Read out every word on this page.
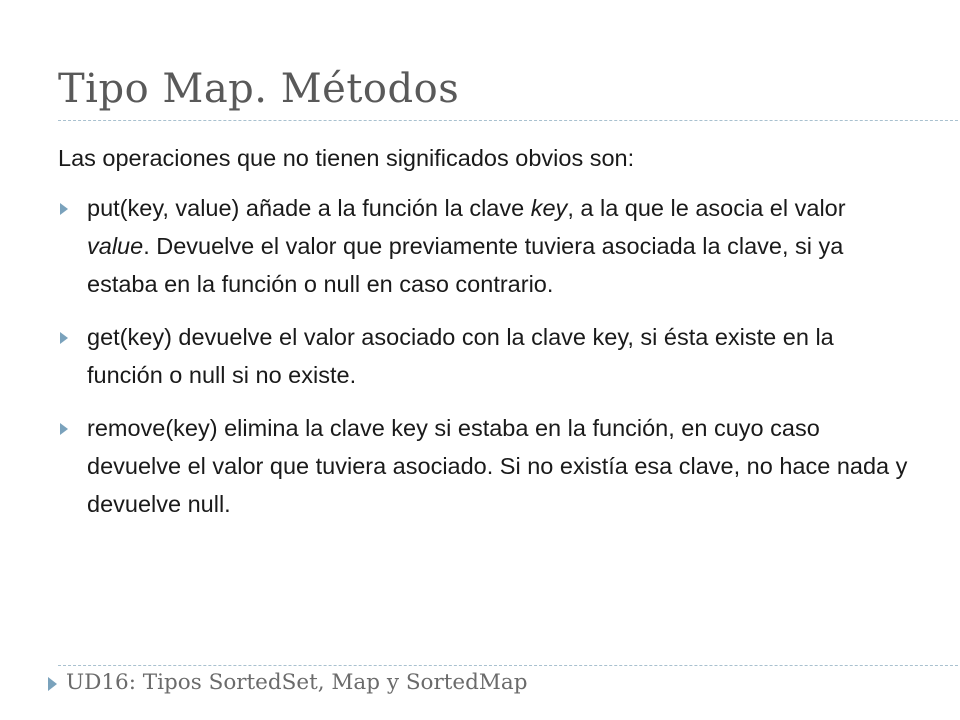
Tipo Map. Métodos

Las operaciones que no tienen significados obvios son:

put(key, value) añade a la función la clave key, a la que le asocia el valor value. Devuelve el valor que previamente tuviera asociada la clave, si ya estaba en la función o null en caso contrario.
get(key) devuelve el valor asociado con la clave key, si ésta existe en la función o null si no existe.
remove(key) elimina la clave key si estaba en la función, en cuyo caso devuelve el valor que tuviera asociado. Si no existía esa clave, no hace nada y devuelve null.
UD16: Tipos SortedSet, Map y SortedMap
